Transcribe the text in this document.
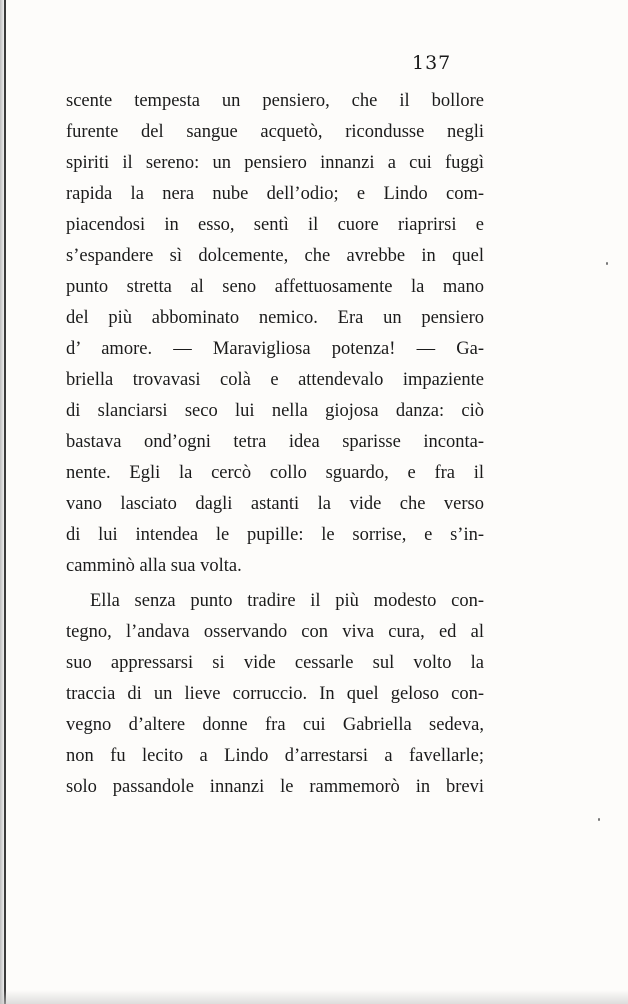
137
scente tempesta un pensiero, che il bollore
furente del sangue acquetò, ricondusse negli
spiriti il sereno: un pensiero innanzi a cui fuggì
rapida la nera nube dell’odio; e Lindo com-
piacendosi in esso, sentì il cuore riaprirsi e
s’espandere sì dolcemente, che avrebbe in quel
punto stretta al seno affettuosamente la mano
del più abbominato nemico. Era un pensiero
d’ amore. — Maravigliosa potenza! — Ga-
briella trovavasi colà e attendevalo impaziente
di slanciarsi seco lui nella giojosa danza: ciò
bastava ond’ogni tetra idea sparisse inconta-
nente. Egli la cercò collo sguardo, e fra il
vano lasciato dagli astanti la vide che verso
di lui intendea le pupille: le sorrise, e s’in-
camminò alla sua volta.
Ella senza punto tradire il più modesto con-
tegno, l’andava osservando con viva cura, ed al
suo appressarsi si vide cessarle sul volto la
traccia di un lieve corruccio. In quel geloso con-
vegno d’altere donne fra cui Gabriella sedeva,
non fu lecito a Lindo d’arrestarsi a favellarle;
solo passandole innanzi le rammemorò in brevi
